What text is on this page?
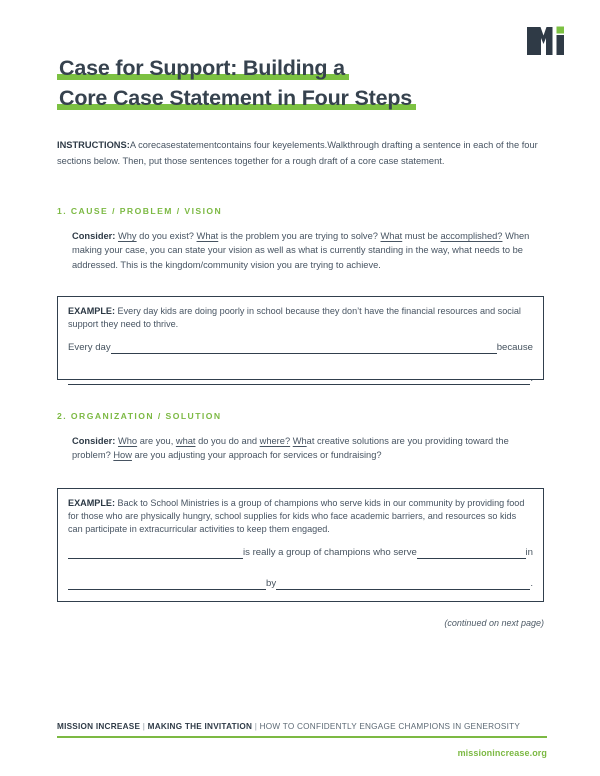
Case for Support: Building a
Core Case Statement in Four Steps
INSTRUCTIONS:A corecasestatementcontains four keyelements.Walkthrough drafting a sentence in each of the four sections below. Then, put those sentences together for a rough draft of a core case statement.
1. CAUSE / PROBLEM / VISION
Consider: Why do you exist? What is the problem you are trying to solve? What must be accomplished? When making your case, you can state your vision as well as what is currently standing in the way, what needs to be addressed. This is the kingdom/community vision you are trying to achieve.
EXAMPLE: Every day kids are doing poorly in school because they don’t have the financial resources and social support they need to thrive.
Every day	because
.
2. ORGANIZATION / SOLUTION
Consider: Who are you, what do you do and where? What creative solutions are you providing toward the problem? How are you adjusting your approach for services or fundraising?
EXAMPLE: Back to School Ministries is a group of champions who serve kids in our community by providing food for those who are physically hungry, school supplies for kids who face academic barriers, and resources so kids can participate in extracurricular activities to keep them engaged.
is really a group of champions who serve	in
by	.
(continued on next page)
MISSION INCREASE | MAKING THE INVITATION | HOW TO CONFIDENTLY ENGAGE CHAMPIONS IN GENEROSITY
missionincrease.org
